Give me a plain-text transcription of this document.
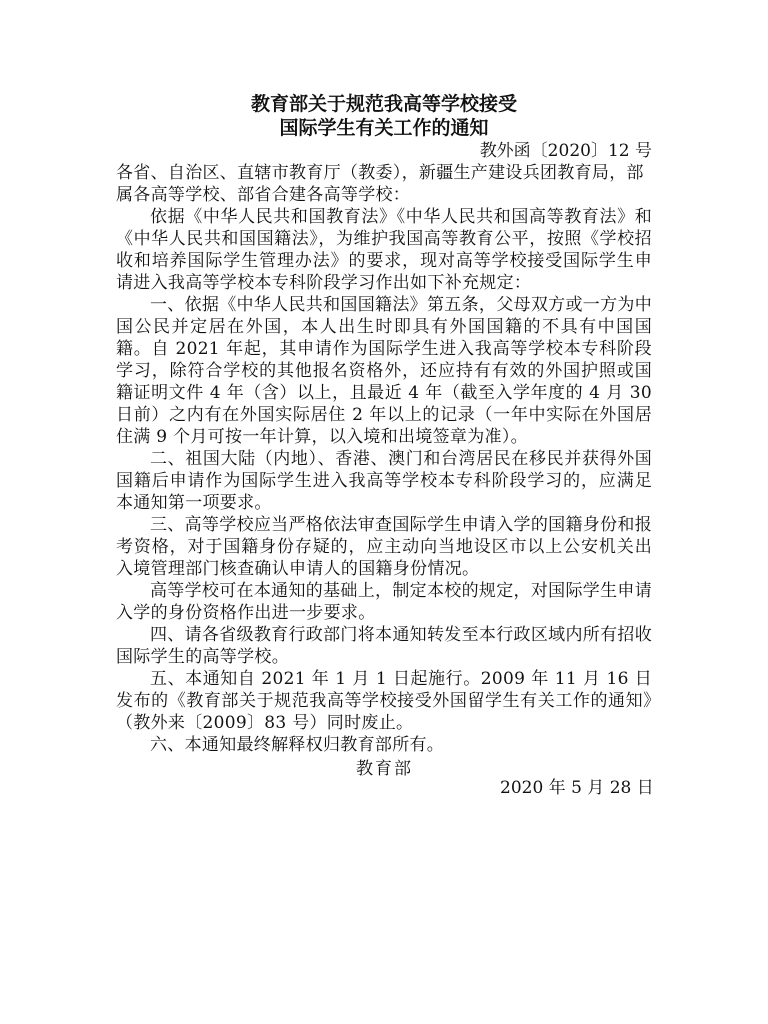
教育部关于规范我高等学校接受
国际学生有关工作的通知

教外函〔2020〕12 号

各省、自治区、直辖市教育厅（教委），新疆生产建设兵团教育局，部属各高等学校、部省合建各高等学校：

依据《中华人民共和国教育法》《中华人民共和国高等教育法》和《中华人民共和国国籍法》，为维护我国高等教育公平，按照《学校招收和培养国际学生管理办法》的要求，现对高等学校接受国际学生申请进入我高等学校本专科阶段学习作出如下补充规定：

一、依据《中华人民共和国国籍法》第五条，父母双方或一方为中国公民并定居在外国，本人出生时即具有外国国籍的不具有中国国籍。自 2021 年起，其申请作为国际学生进入我高等学校本专科阶段学习，除符合学校的其他报名资格外，还应持有有效的外国护照或国籍证明文件 4 年（含）以上，且最近 4 年（截至入学年度的 4 月 30 日前）之内有在外国实际居住 2 年以上的记录（一年中实际在外国居住满 9 个月可按一年计算，以入境和出境签章为准）。

二、祖国大陆（内地）、香港、澳门和台湾居民在移民并获得外国国籍后申请作为国际学生进入我高等学校本专科阶段学习的，应满足本通知第一项要求。

三、高等学校应当严格依法审查国际学生申请入学的国籍身份和报考资格，对于国籍身份存疑的，应主动向当地设区市以上公安机关出入境管理部门核查确认申请人的国籍身份情况。

高等学校可在本通知的基础上，制定本校的规定，对国际学生申请入学的身份资格作出进一步要求。

四、请各省级教育行政部门将本通知转发至本行政区域内所有招收国际学生的高等学校。

五、本通知自 2021 年 1 月 1 日起施行。2009 年 11 月 16 日发布的《教育部关于规范我高等学校接受外国留学生有关工作的通知》（教外来〔2009〕83 号）同时废止。

六、本通知最终解释权归教育部所有。

教育部
2020 年 5 月 28 日
